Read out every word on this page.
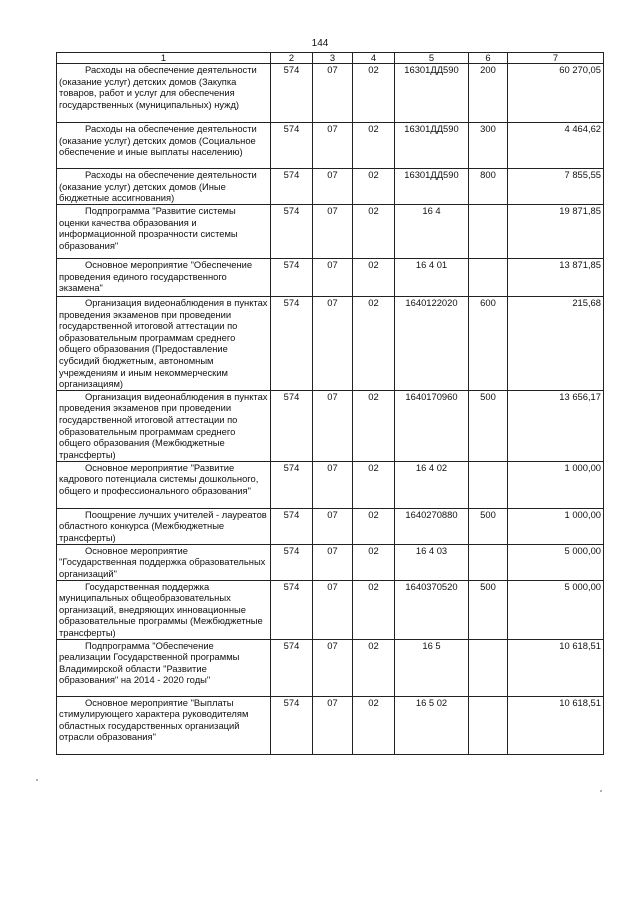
144
1	2	3	4	5	6	7
Расходы на обеспечение деятельности (оказание услуг) детских домов (Закупка товаров, работ и услуг для обеспечения государственных (муниципальных) нужд)	574	07	02	16301ДД590	200	60 270,05
Расходы на обеспечение деятельности (оказание услуг) детских домов (Социальное обеспечение и иные выплаты населению)	574	07	02	16301ДД590	300	4 464,62
Расходы на обеспечение деятельности (оказание услуг) детских домов (Иные бюджетные ассигнования)	574	07	02	16301ДД590	800	7 855,55
Подпрограмма "Развитие системы оценки качества образования и информационной прозрачности системы образования"	574	07	02	16 4		19 871,85
Основное мероприятие "Обеспечение проведения единого государственного экзамена"	574	07	02	16 4 01		13 871,85
Организация видеонаблюдения в пунктах проведения экзаменов при проведении государственной итоговой аттестации по образовательным программам среднего общего образования (Предоставление субсидий бюджетным, автономным учреждениям и иным некоммерческим организациям)	574	07	02	1640122020	600	215,68
Организация видеонаблюдения в пунктах проведения экзаменов при проведении государственной итоговой аттестации по образовательным программам среднего общего образования (Межбюджетные трансферты)	574	07	02	1640170960	500	13 656,17
Основное мероприятие "Развитие кадрового потенциала системы дошкольного, общего и профессионального образования"	574	07	02	16 4 02		1 000,00
Поощрение лучших учителей - лауреатов областного конкурса (Межбюджетные трансферты)	574	07	02	1640270880	500	1 000,00
Основное мероприятие "Государственная поддержка образовательных организаций"	574	07	02	16 4 03		5 000,00
Государственная поддержка муниципальных общеобразовательных организаций, внедряющих инновационные образовательные программы (Межбюджетные трансферты)	574	07	02	1640370520	500	5 000,00
Подпрограмма "Обеспечение реализации Государственной программы Владимирской области "Развитие образования" на 2014 - 2020 годы"	574	07	02	16 5		10 618,51
Основное мероприятие "Выплаты стимулирующего характера руководителям областных государственных организаций отрасли образования"	574	07	02	16 5 02		10 618,51
